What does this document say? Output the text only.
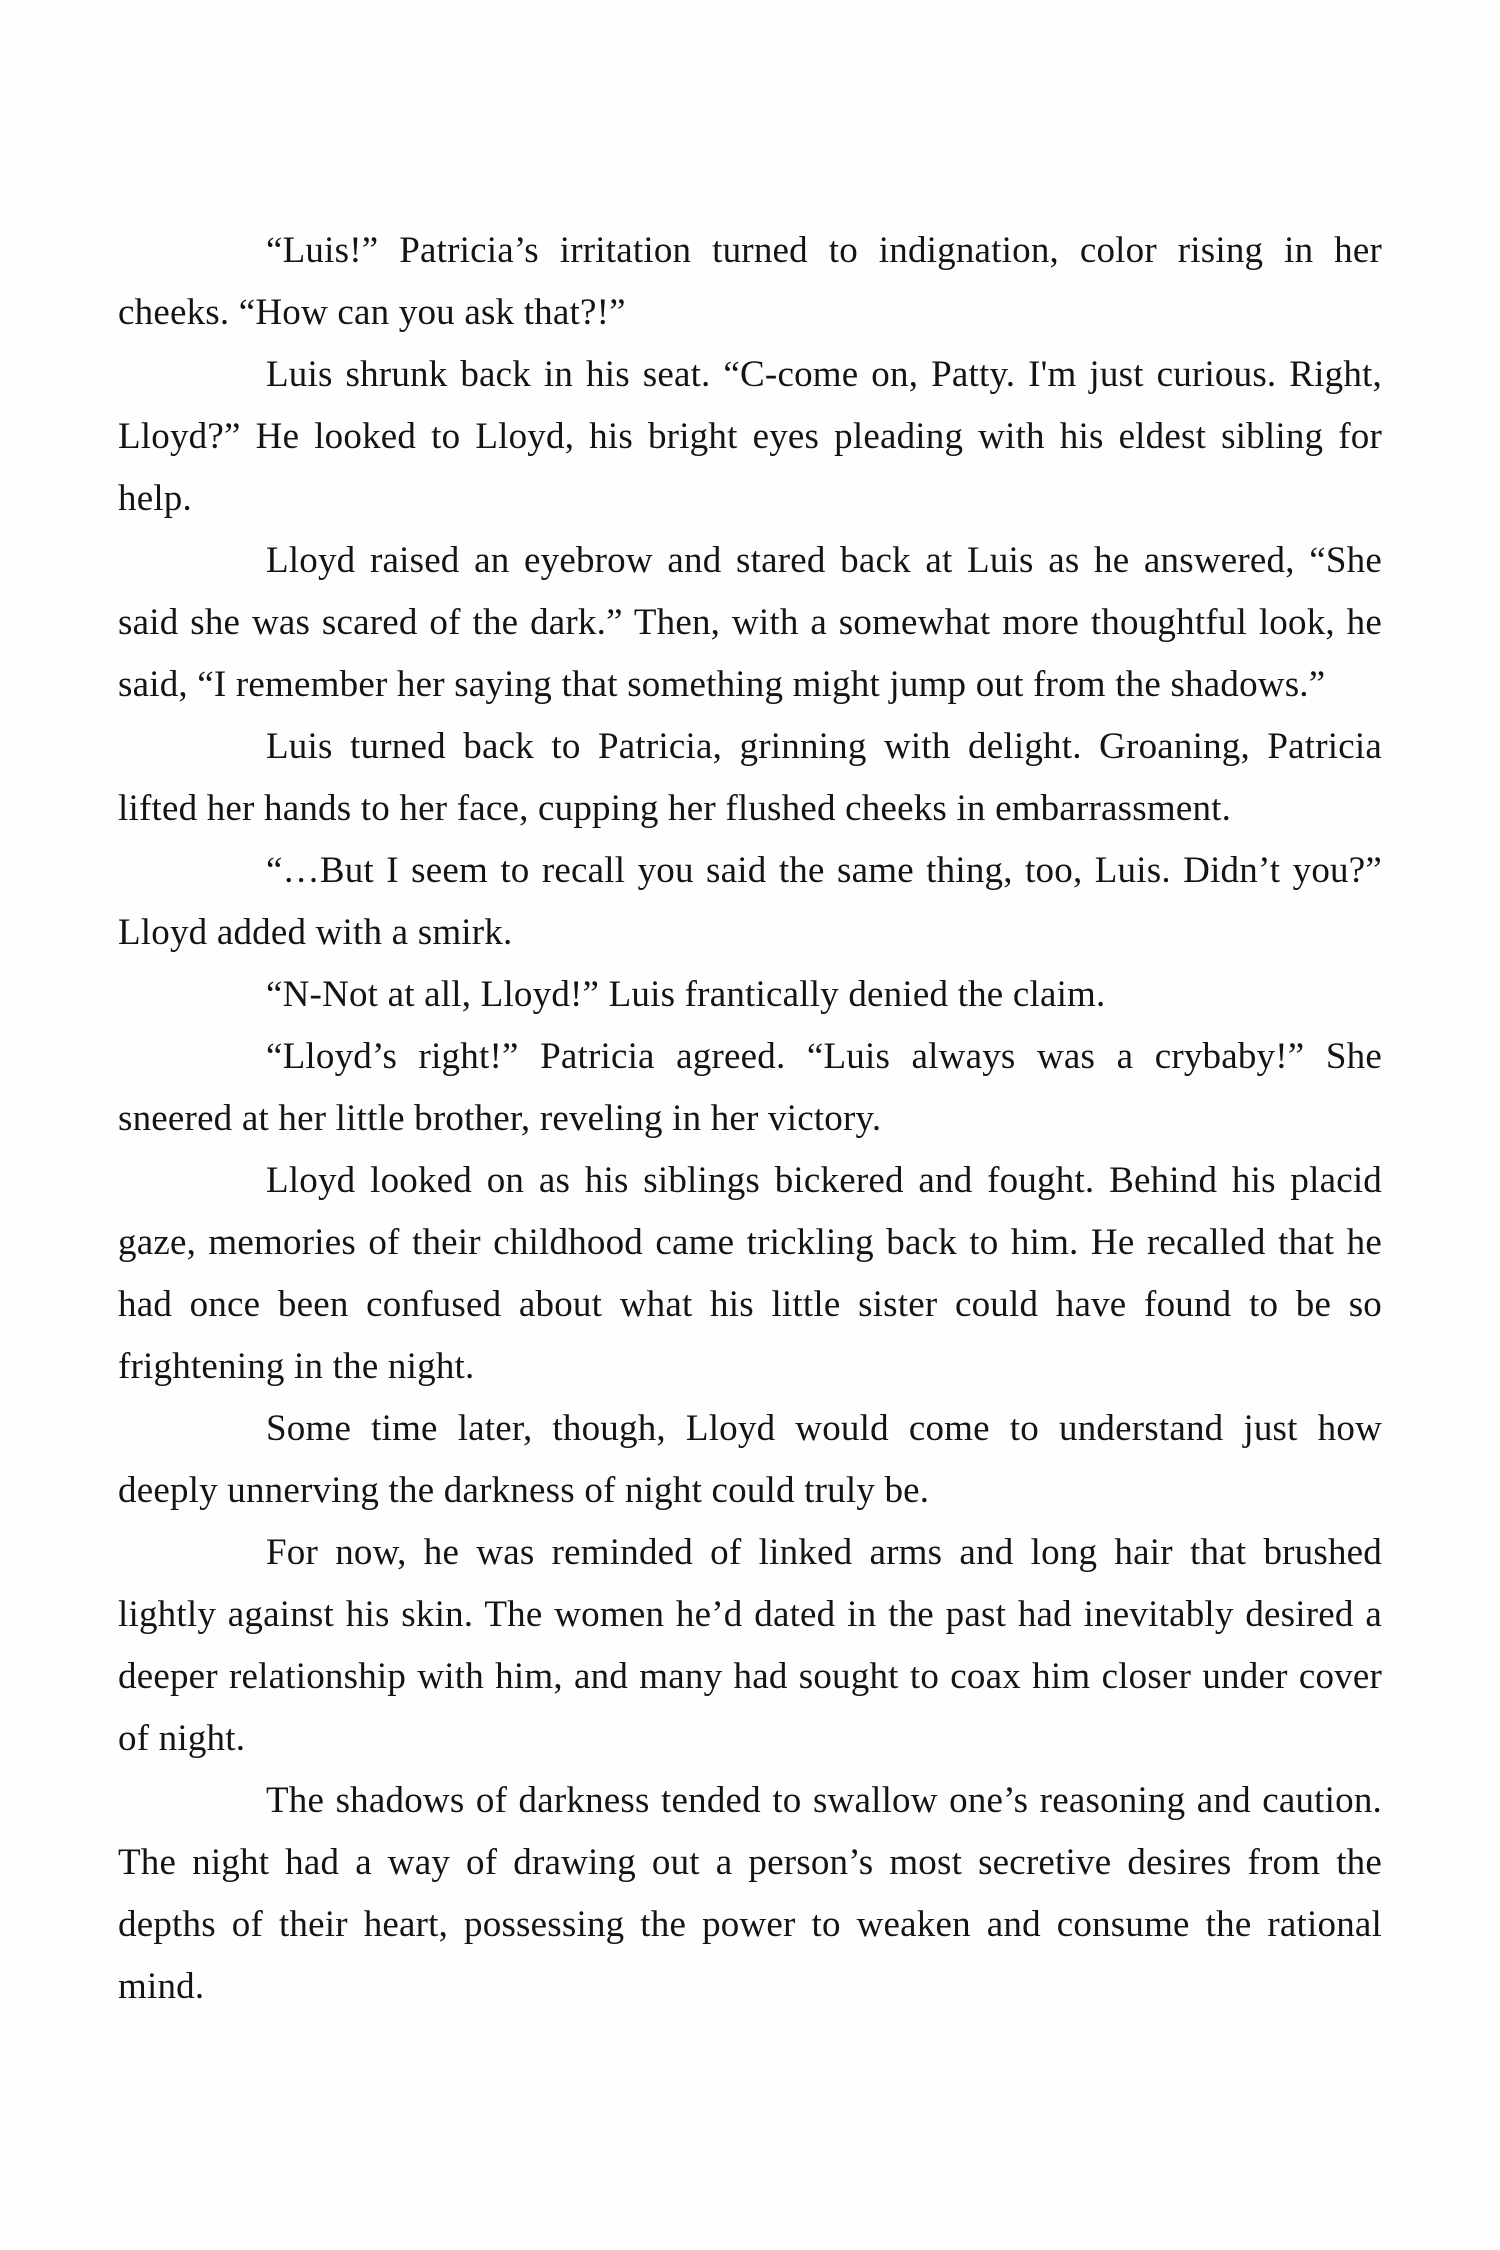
“Luis!” Patricia’s irritation turned to indignation, color rising in her cheeks. “How can you ask that?!”

Luis shrunk back in his seat. “C-come on, Patty. I'm just curious. Right, Lloyd?” He looked to Lloyd, his bright eyes pleading with his eldest sibling for help.

Lloyd raised an eyebrow and stared back at Luis as he answered, “She said she was scared of the dark.” Then, with a somewhat more thoughtful look, he said, “I remember her saying that something might jump out from the shadows.”

Luis turned back to Patricia, grinning with delight. Groaning, Patricia lifted her hands to her face, cupping her flushed cheeks in embarrassment.

“…But I seem to recall you said the same thing, too, Luis. Didn’t you?” Lloyd added with a smirk.

“N-Not at all, Lloyd!” Luis frantically denied the claim.

“Lloyd’s right!” Patricia agreed. “Luis always was a crybaby!” She sneered at her little brother, reveling in her victory.

Lloyd looked on as his siblings bickered and fought. Behind his placid gaze, memories of their childhood came trickling back to him. He recalled that he had once been confused about what his little sister could have found to be so frightening in the night.

Some time later, though, Lloyd would come to understand just how deeply unnerving the darkness of night could truly be.

For now, he was reminded of linked arms and long hair that brushed lightly against his skin. The women he’d dated in the past had inevitably desired a deeper relationship with him, and many had sought to coax him closer under cover of night.

The shadows of darkness tended to swallow one’s reasoning and caution. The night had a way of drawing out a person’s most secretive desires from the depths of their heart, possessing the power to weaken and consume the rational mind.
